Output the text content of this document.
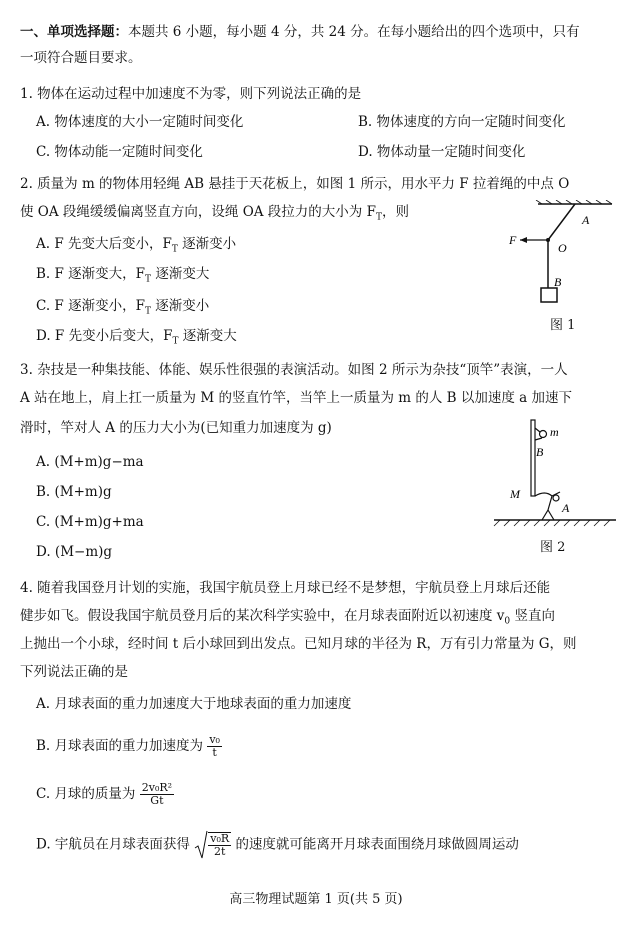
一、单项选择题：本题共 6 小题，每小题 4 分，共 24 分。在每小题给出的四个选项中，只有
一项符合题目要求。
1. 物体在运动过程中加速度不为零，则下列说法正确的是
A. 物体速度的大小一定随时间变化	B. 物体速度的方向一定随时间变化
C. 物体动能一定随时间变化	D. 物体动量一定随时间变化
2. 质量为 m 的物体用轻绳 AB 悬挂于天花板上，如图 1 所示，用水平力 F 拉着绳的中点 O
使 OA 段绳缓缓偏离竖直方向，设绳 OA 段拉力的大小为 $F_T$，则
A. F 先变大后变小，$F_T$ 逐渐变小
B. F 逐渐变大，$F_T$ 逐渐变大
C. F 逐渐变小，$F_T$ 逐渐变小
D. F 先变小后变大，$F_T$ 逐渐变大
A
F
O
B
图 1
3. 杂技是一种集技能、体能、娱乐性很强的表演活动。如图 2 所示为杂技“顶竿”表演，一人
A 站在地上，肩上扛一质量为 M 的竖直竹竿，当竿上一质量为 m 的人 B 以加速度 a 加速下
滑时，竿对人 A 的压力大小为(已知重力加速度为 g)
A. (M+m)g−ma
B. (M+m)g
C. (M+m)g+ma
D. (M−m)g
m
B
M
A
图 2
4. 随着我国登月计划的实施，我国宇航员登上月球已经不是梦想，宇航员登上月球后还能
健步如飞。假设我国宇航员登月后的某次科学实验中，在月球表面附近以初速度 $v_0$ 竖直向
上抛出一个小球，经时间 t 后小球回到出发点。已知月球的半径为 R，万有引力常量为 G，则
下列说法正确的是
A. 月球表面的重力加速度大于地球表面的重力加速度
B. 月球表面的重力加速度为 $\frac{\text{v₀}}{t}$
C. 月球的质量为 $\frac{\text{2v₀R²}}{Gt}$
D. 宇航员在月球表面获得 $\frac{\text{v₀R}}{2t}$ 的速度就可能离开月球表面围绕月球做圆周运动
高三物理试题第 1 页(共 5 页)
